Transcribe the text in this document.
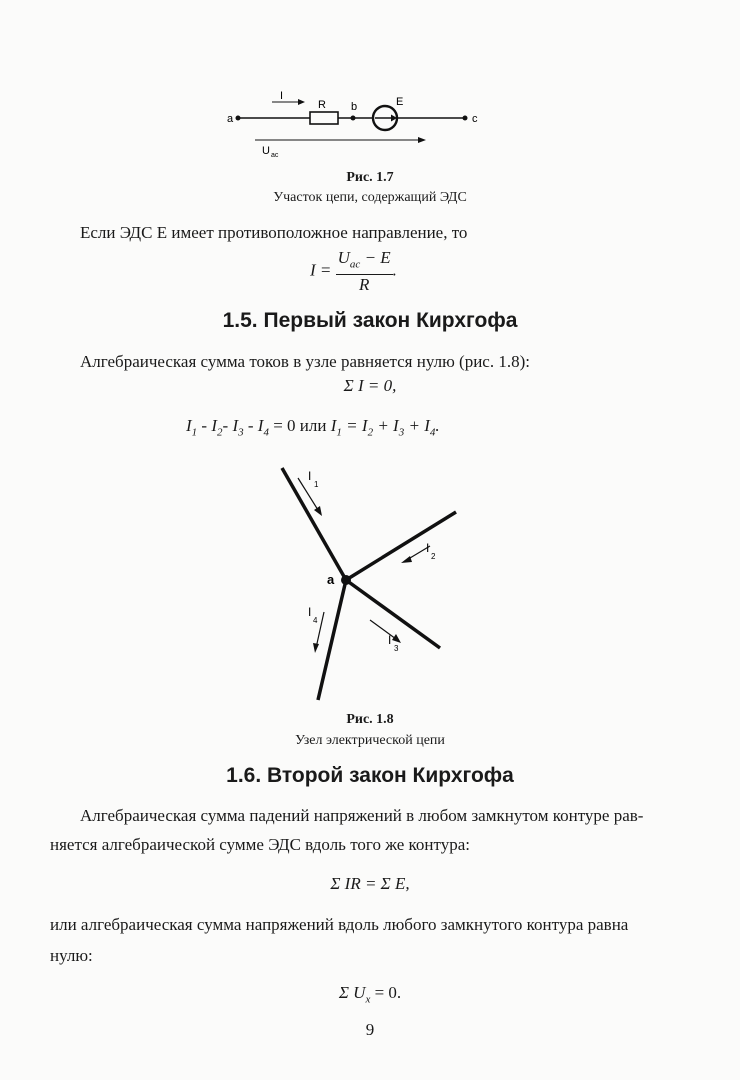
a
I
R b	E
c
U ac
Рис. 1.7
Участок цепи, содержащий ЭДС
Если ЭДС E имеет противоположное направление, то
$I = \frac{U_{ac} - E}{R}$ .
1.5. Первый закон Кирхгофа
Алгебраическая сумма токов в узле равняется нулю (рис. 1.8):
Σ I = 0,
$I_1 - I_2-$ $I_3 - I_4 = 0$ или $I_1 = I_2 + I_3 + I_4$.
a
I
1
I
2
I
3
I
4
Рис. 1.8
Узел электрической цепи
1.6. Второй закон Кирхгофа
Алгебраическая сумма падений напряжений в любом замкнутом контуре рав-
няется алгебраической сумме ЭДС вдоль того же контура:
Σ IR = Σ E,
или алгебраическая сумма напряжений вдоль любого замкнутого контура равна
нулю:
Σ $U_x = 0$.
9
